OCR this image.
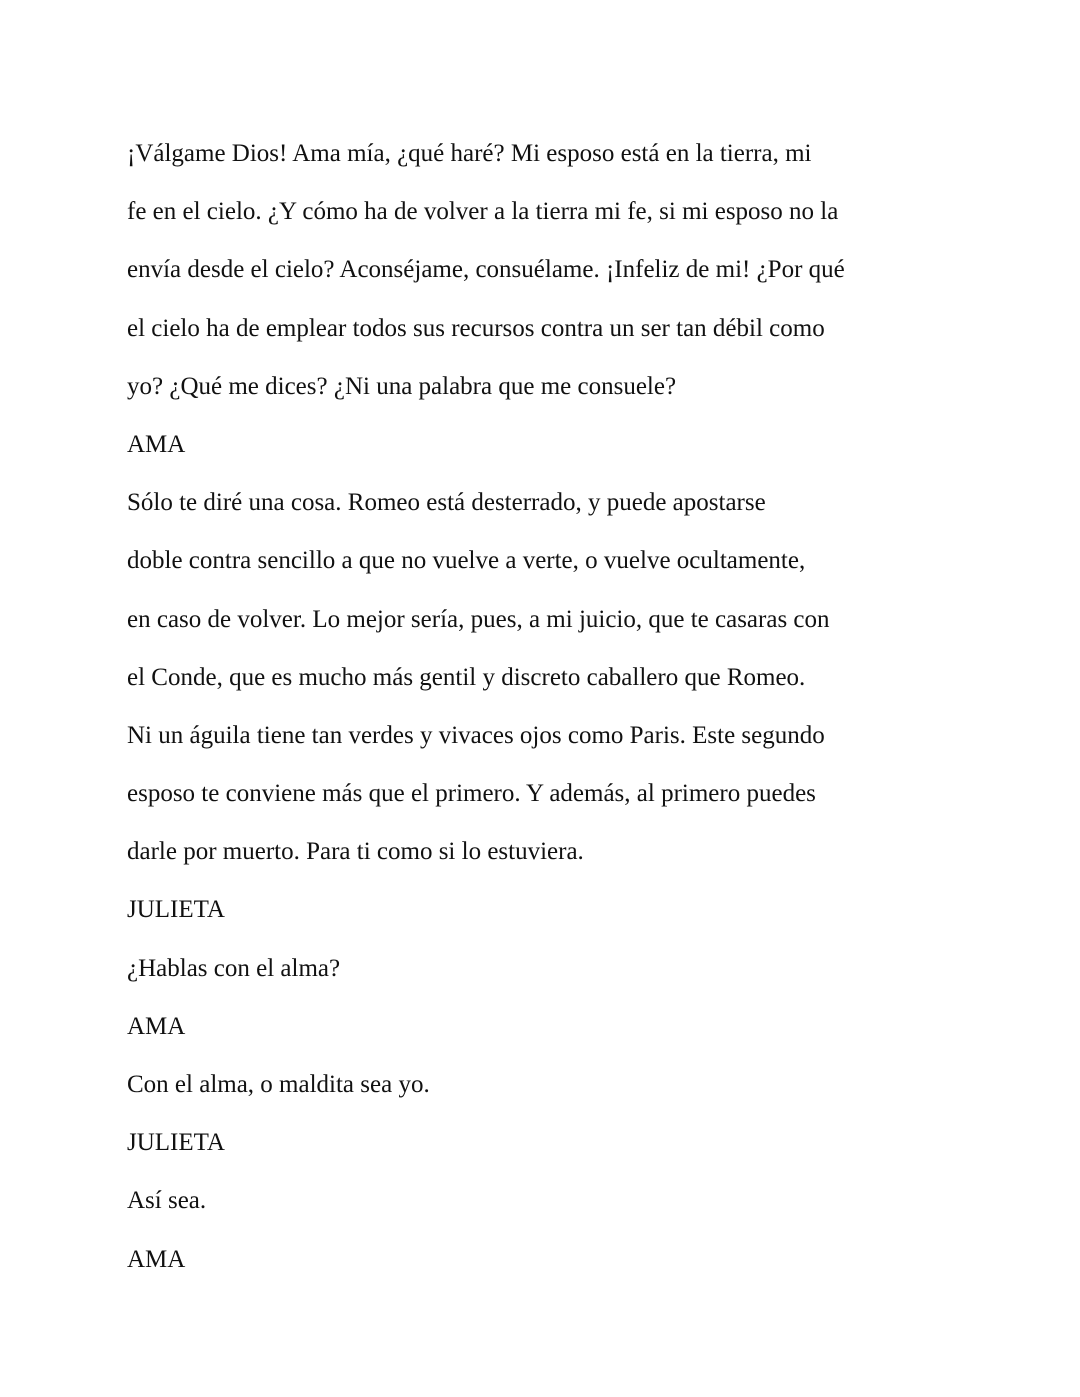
¡Válgame Dios! Ama mía, ¿qué haré? Mi esposo está en la tierra, mi
fe en el cielo. ¿Y cómo ha de volver a la tierra mi fe, si mi esposo no la
envía desde el cielo? Aconséjame, consuélame. ¡Infeliz de mi! ¿Por qué
el cielo ha de emplear todos sus recursos contra un ser tan débil como
yo? ¿Qué me dices? ¿Ni una palabra que me consuele?
AMA
Sólo te diré una cosa. Romeo está desterrado, y puede apostarse
doble contra sencillo a que no vuelve a verte, o vuelve ocultamente,
en caso de volver. Lo mejor sería, pues, a mi juicio, que te casaras con
el Conde, que es mucho más gentil y discreto caballero que Romeo.
Ni un águila tiene tan verdes y vivaces ojos como Paris. Este segundo
esposo te conviene más que el primero. Y además, al primero puedes
darle por muerto. Para ti como si lo estuviera.
JULIETA
¿Hablas con el alma?
AMA
Con el alma, o maldita sea yo.
JULIETA
Así sea.
AMA
